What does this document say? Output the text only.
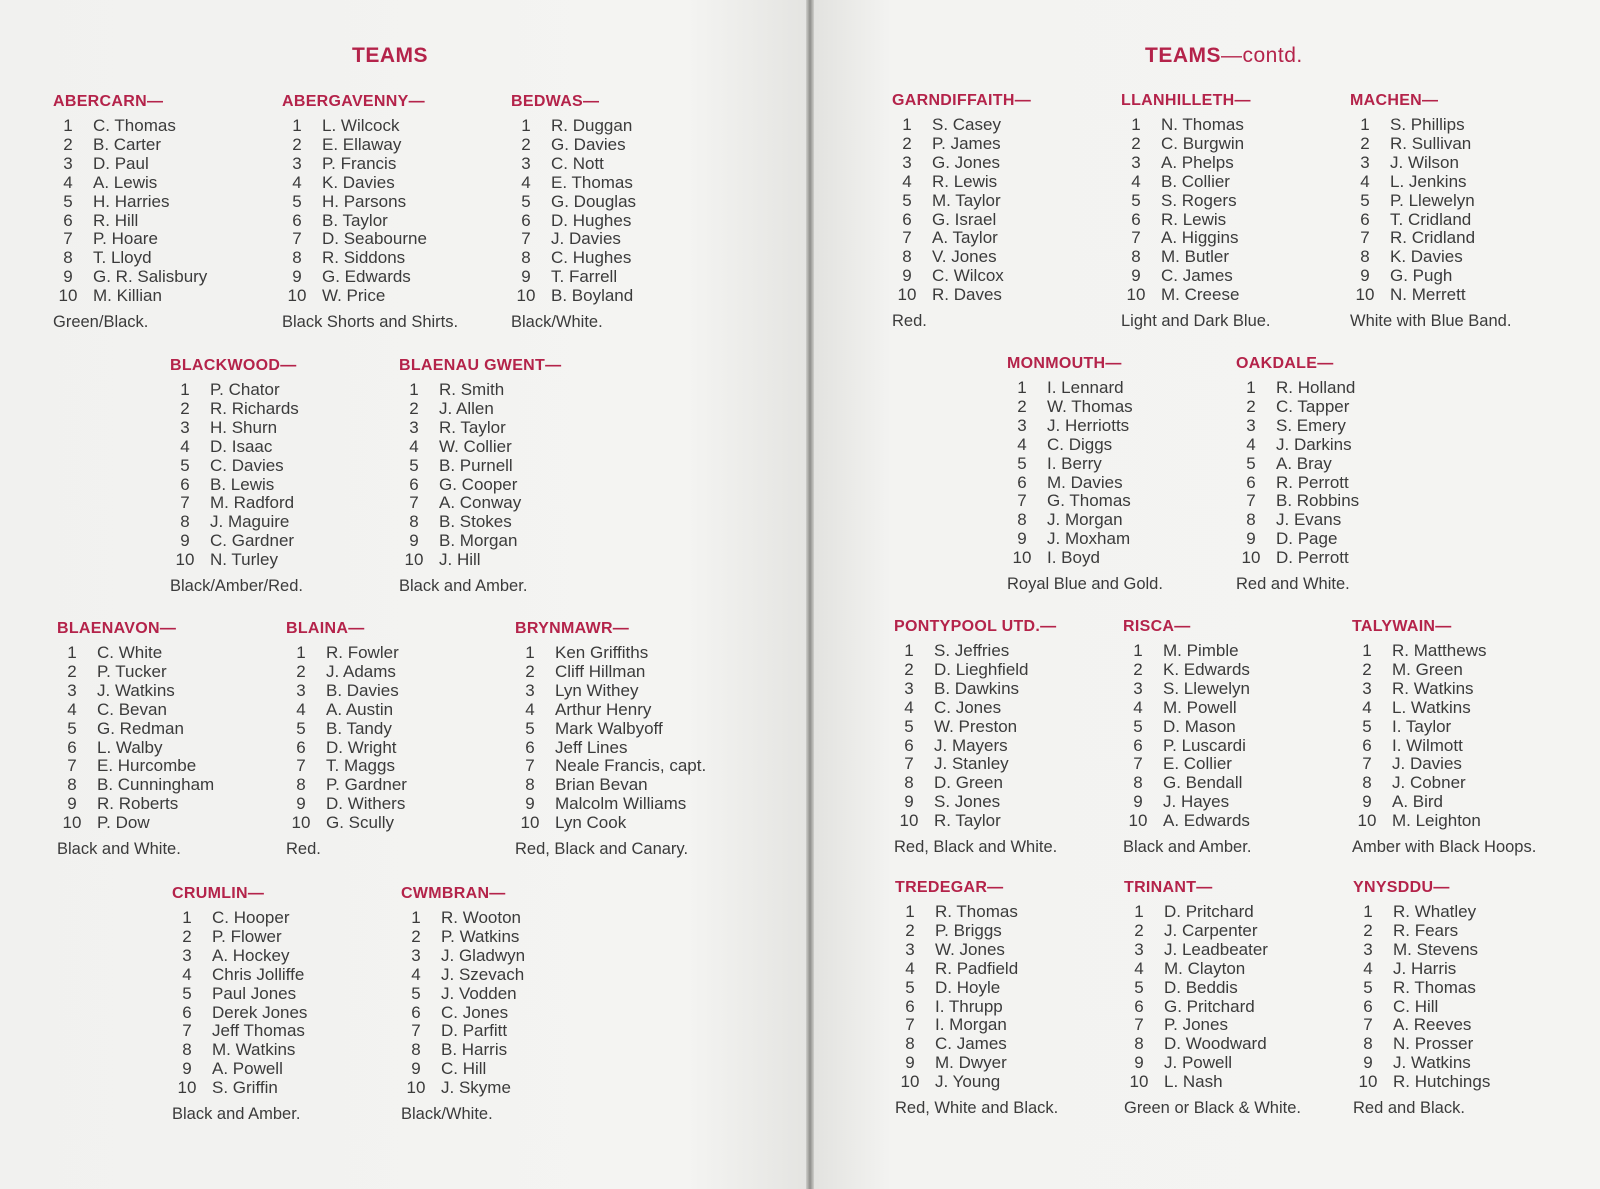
TEAMS	TEAMS—contd.
ABERCARN—
1	C. Thomas
2	B. Carter
3	D. Paul
4	A. Lewis
5	H. Harries
6	R. Hill
7	P. Hoare
8	T. Lloyd
9	G. R. Salisbury
10 M. Killian
Green/Black.
ABERGAVENNY—
1	L. Wilcock
2	E. Ellaway
3	P. Francis
4	K. Davies
5	H. Parsons
6	B. Taylor
7	D. Seabourne
8	R. Siddons
9	G. Edwards
10 W. Price
Black Shorts and Shirts.
BEDWAS—
1	R. Duggan
2	G. Davies
3	C. Nott
4	E. Thomas
5	G. Douglas
6	D. Hughes
7	J. Davies
8	C. Hughes
9	T. Farrell
10 B. Boyland
Black/White.
BLACKWOOD—
1	P. Chator
2	R. Richards
3	H. Shurn
4	D. Isaac
5	C. Davies
6	B. Lewis
7	M. Radford
8	J. Maguire
9	C. Gardner
10 N. Turley
Black/Amber/Red.
BLAENAU GWENT—
1	R. Smith
2	J. Allen
3	R. Taylor
4	W. Collier
5	B. Purnell
6	G. Cooper
7	A. Conway
8	B. Stokes
9	B. Morgan
10 J. Hill
Black and Amber.
BLAENAVON—
1	C. White
2	P. Tucker
3	J. Watkins
4	C. Bevan
5	G. Redman
6	L. Walby
7	E. Hurcombe
8	B. Cunningham
9	R. Roberts
10 P. Dow
Black and White.
BLAINA—
1	R. Fowler
2	J. Adams
3	B. Davies
4	A. Austin
5	B. Tandy
6	D. Wright
7	T. Maggs
8	P. Gardner
9	D. Withers
10 G. Scully
Red.
BRYNMAWR—
1	Ken Griffiths
2	Cliff Hillman
3	Lyn Withey
4	Arthur Henry
5	Mark Walbyoff
6	Jeff Lines
7	Neale Francis, capt.
8	Brian Bevan
9	Malcolm Williams
10 Lyn Cook
Red, Black and Canary.
CRUMLIN—
1	C. Hooper
2	P. Flower
3	A. Hockey
4	Chris Jolliffe
5	Paul Jones
6	Derek Jones
7	Jeff Thomas
8	M. Watkins
9	A. Powell
10 S. Griffin
Black and Amber.
CWMBRAN—
1	R. Wooton
2	P. Watkins
3	J. Gladwyn
4	J. Szevach
5	J. Vodden
6	C. Jones
7	D. Parfitt
8	B. Harris
9	C. Hill
10 J. Skyme
Black/White.
GARNDIFFAITH—
1	S. Casey
2	P. James
3	G. Jones
4	R. Lewis
5	M. Taylor
6	G. Israel
7	A. Taylor
8	V. Jones
9	C. Wilcox
10 R. Daves
Red.
LLANHILLETH—
1	N. Thomas
2	C. Burgwin
3	A. Phelps
4	B. Collier
5	S. Rogers
6	R. Lewis
7	A. Higgins
8	M. Butler
9	C. James
10 M. Creese
Light and Dark Blue.
MACHEN—
1	S. Phillips
2	R. Sullivan
3	J. Wilson
4	L. Jenkins
5	P. Llewelyn
6	T. Cridland
7	R. Cridland
8	K. Davies
9	G. Pugh
10 N. Merrett
White with Blue Band.
MONMOUTH—
1	I. Lennard
2	W. Thomas
3	J. Herriotts
4	C. Diggs
5	I. Berry
6	M. Davies
7	G. Thomas
8	J. Morgan
9	J. Moxham
10 I. Boyd
Royal Blue and Gold.
OAKDALE—
1	R. Holland
2	C. Tapper
3	S. Emery
4	J. Darkins
5	A. Bray
6	R. Perrott
7	B. Robbins
8	J. Evans
9	D. Page
10 D. Perrott
Red and White.
PONTYPOOL UTD.—
1	S. Jeffries
2	D. Lieghfield
3	B. Dawkins
4	C. Jones
5	W. Preston
6	J. Mayers
7	J. Stanley
8	D. Green
9	S. Jones
10 R. Taylor
Red, Black and White.
RISCA—
1	M. Pimble
2	K. Edwards
3	S. Llewelyn
4	M. Powell
5	D. Mason
6	P. Luscardi
7	E. Collier
8	G. Bendall
9	J. Hayes
10 A. Edwards
Black and Amber.
TALYWAIN—
1	R. Matthews
2	M. Green
3	R. Watkins
4	L. Watkins
5	I. Taylor
6	I. Wilmott
7	J. Davies
8	J. Cobner
9	A. Bird
10 M. Leighton
Amber with Black Hoops.
TREDEGAR—
1	R. Thomas
2	P. Briggs
3	W. Jones
4	R. Padfield
5	D. Hoyle
6	I. Thrupp
7	I. Morgan
8	C. James
9	M. Dwyer
10 J. Young
Red, White and Black.
TRINANT—
1	D. Pritchard
2	J. Carpenter
3	J. Leadbeater
4	M. Clayton
5	D. Beddis
6	G. Pritchard
7	P. Jones
8	D. Woodward
9	J. Powell
10 L. Nash
Green or Black & White.
YNYSDDU—
1	R. Whatley
2	R. Fears
3	M. Stevens
4	J. Harris
5	R. Thomas
6	C. Hill
7	A. Reeves
8	N. Prosser
9	J. Watkins
10 R. Hutchings
Red and Black.
